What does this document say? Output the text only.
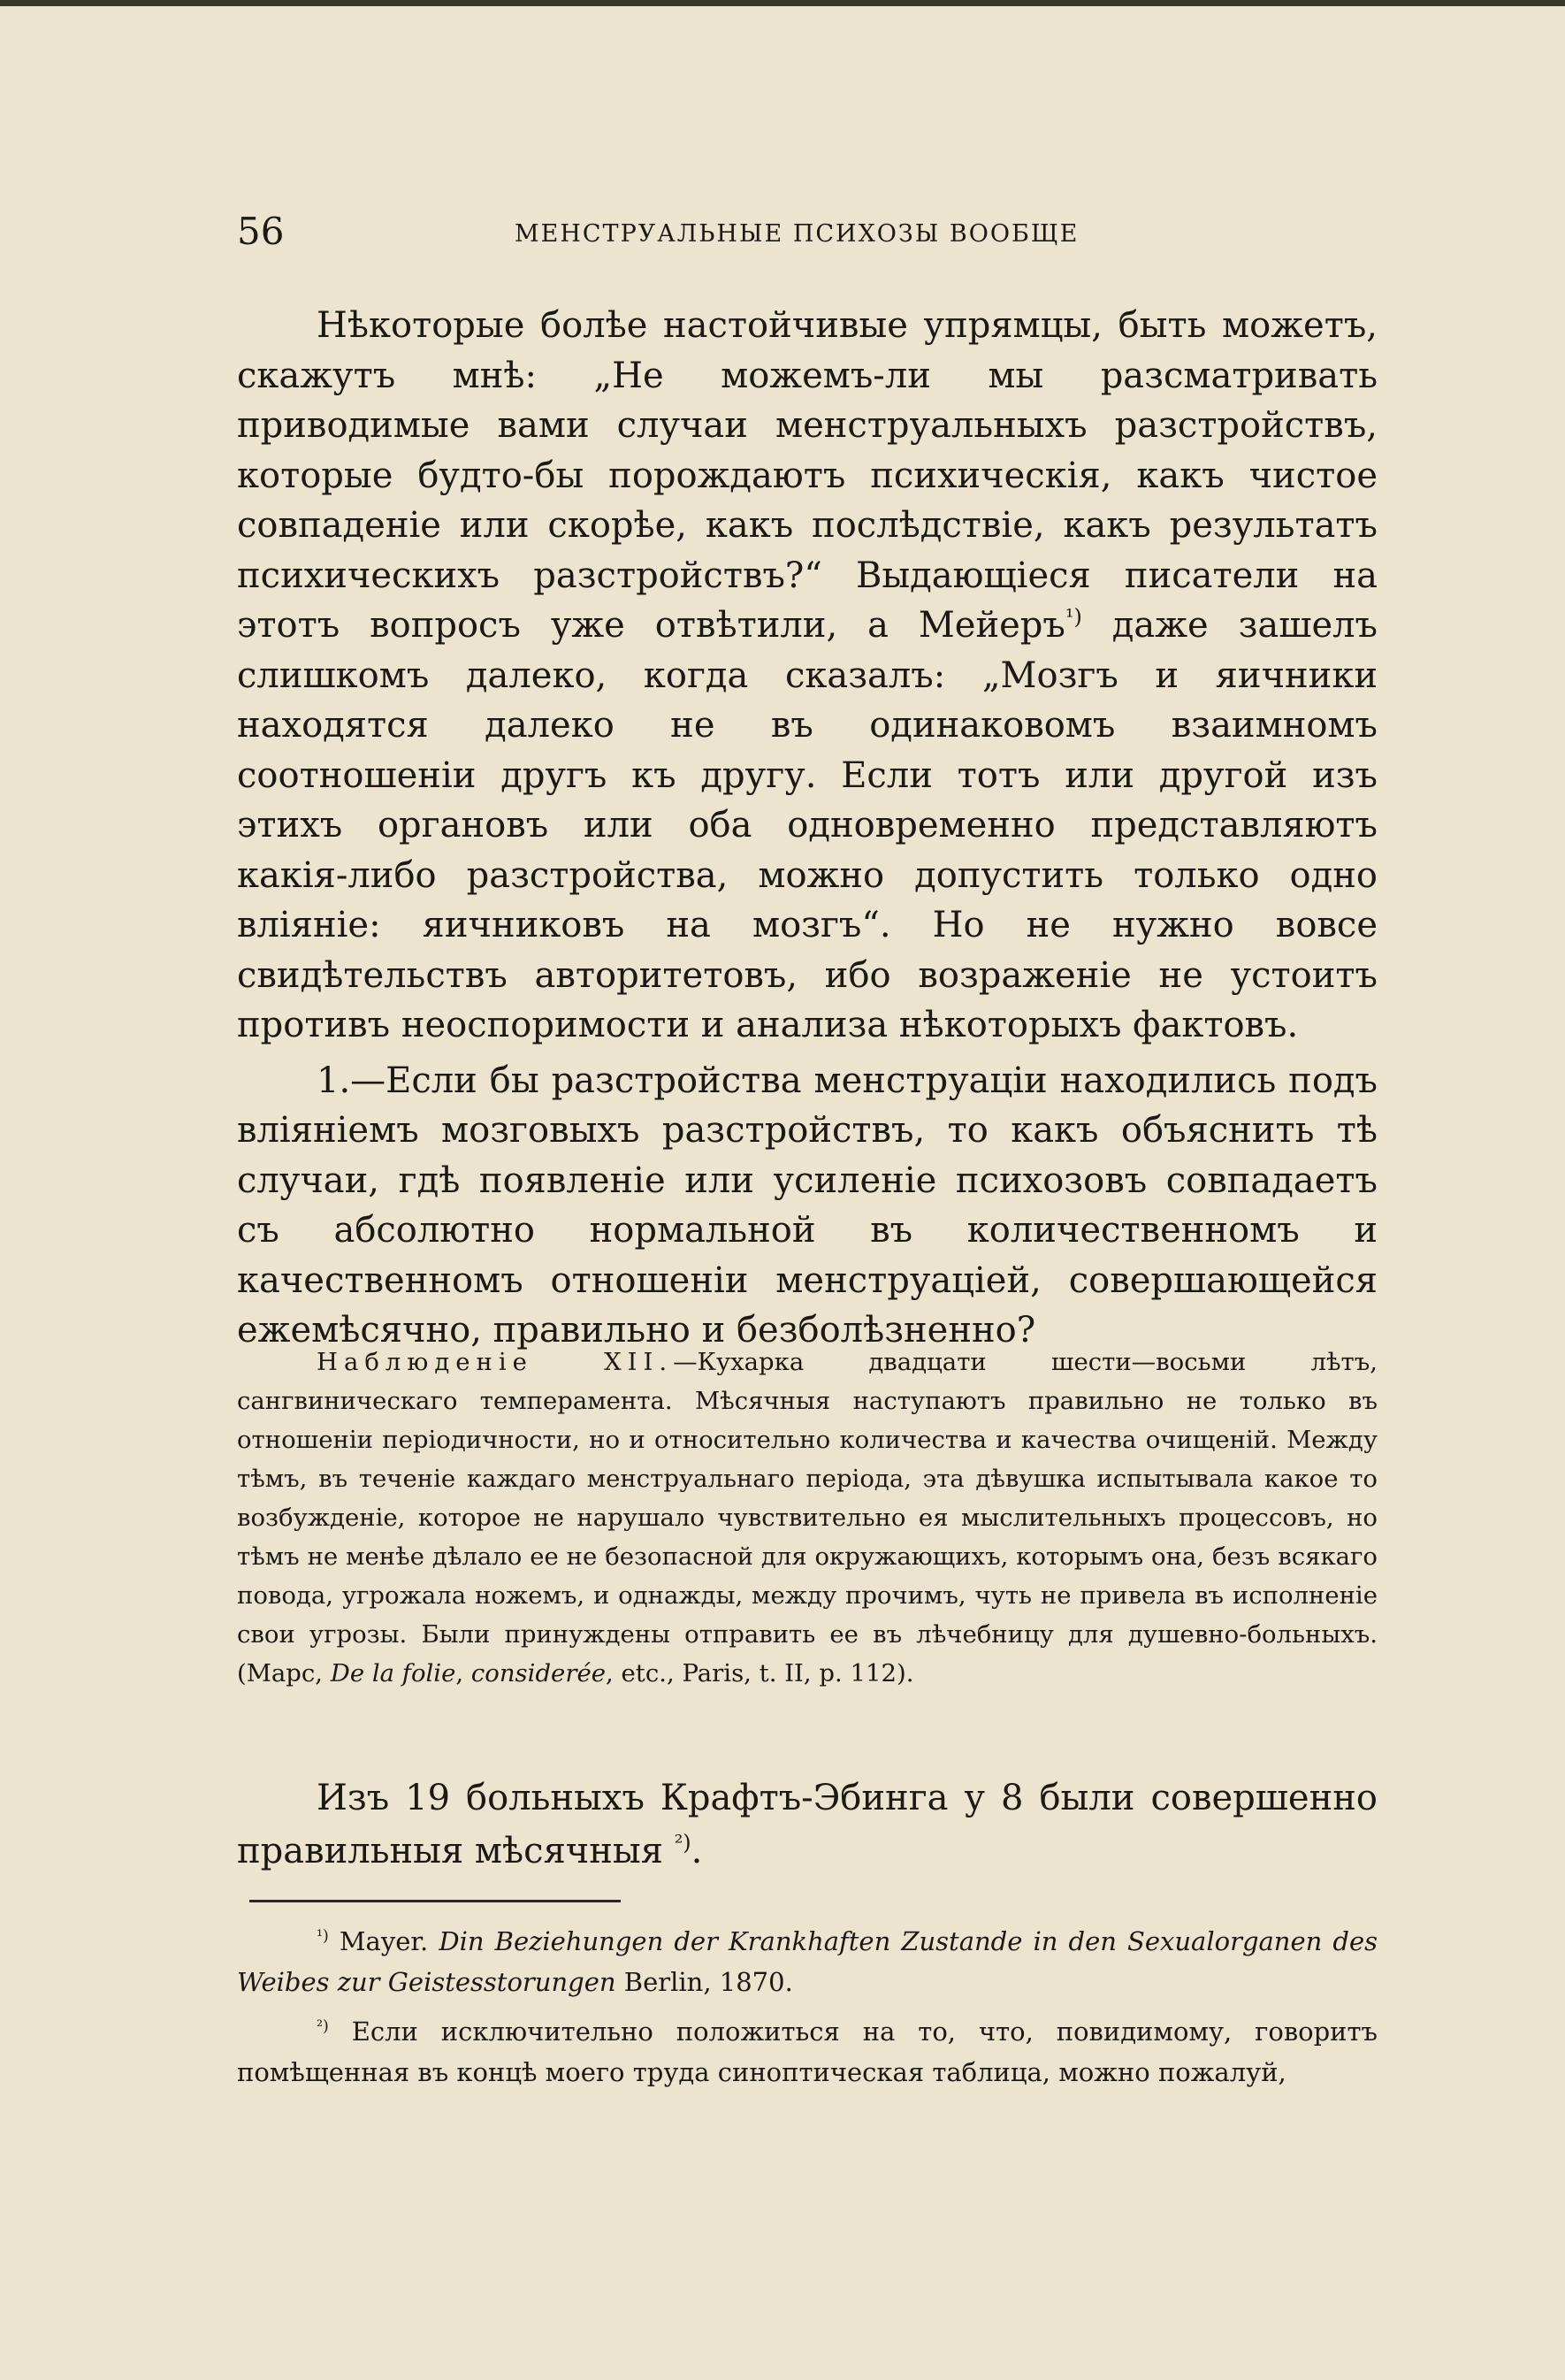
56	МЕНСТРУАЛЬНЫЕ ПСИХОЗЫ ВООБЩЕ

Нѣкоторые болѣе настойчивые упрямцы, быть можетъ, скажутъ мнѣ: „Не можемъ-ли мы разсматривать приводимые вами случаи менструальныхъ разстройствъ, которые будто-бы порождаютъ психическія, какъ чистое совпаденіе или скорѣе, какъ послѣдствіе, какъ результатъ психическихъ разстройствъ?“ Выдающіеся писатели на этотъ вопросъ уже отвѣтили, а Мейеръ$^{^1)}$ даже зашелъ слишкомъ далеко, когда сказалъ: „Мозгъ и яичники находятся далеко не въ одинаковомъ взаимномъ соотношеніи другъ къ другу. Если тотъ или другой изъ этихъ органовъ или оба одновременно представляютъ какія-либо разстройства, можно допустить только одно вліяніе: яичниковъ на мозгъ“. Но не нужно вовсе свидѣтельствъ авторитетовъ, ибо возраженіе не устоитъ противъ неоспоримости и анализа нѣкоторыхъ фактовъ.

1.—Если бы разстройства менструаціи находились подъ вліяніемъ мозговыхъ разстройствъ, то какъ объяснить тѣ случаи, гдѣ появленіе или усиленіе психозовъ совпадаетъ съ абсолютно нормальной въ количественномъ и качественномъ отношеніи менструаціей, совершающейся ежемѣсячно, правильно и безболѣзненно?

Наблюденіе XII.—Кухарка двадцати шести—восьми лѣтъ, сангвиническаго темперамента. Мѣсячныя наступаютъ правильно не только въ отношеніи періодичности, но и относительно количества и качества очищеній. Между тѣмъ, въ теченіе каждаго менструальнаго періода, эта дѣвушка испытывала какое то возбужденіе, которое не нарушало чувствительно ея мыслительныхъ процессовъ, но тѣмъ не менѣе дѣлало ее не безопасной для окружающихъ, которымъ она, безъ всякаго повода, угрожала ножемъ, и однажды, между прочимъ, чуть не привела въ исполненіе свои угрозы. Были принуждены отправить ее въ лѣчебницу для душевно-больныхъ. (Марс, De la folie, considerée, etc., Paris, t. II, p. 112).
Изъ 19 больныхъ Крафтъ-Эбинга у 8 были совершенно правильныя мѣсячныя $^{^2)}$.

$^{^1)}$ Mayer. Din Beziehungen der Krankhaften Zustande in den Sexualorganen des Weibes zur Geistesstorungen Berlin, 1870.

$^{^2)}$ Если исключительно положиться на то, что, повидимому, говоритъ помѣщенная въ концѣ моего труда синоптическая таблица, можно пожалуй,
